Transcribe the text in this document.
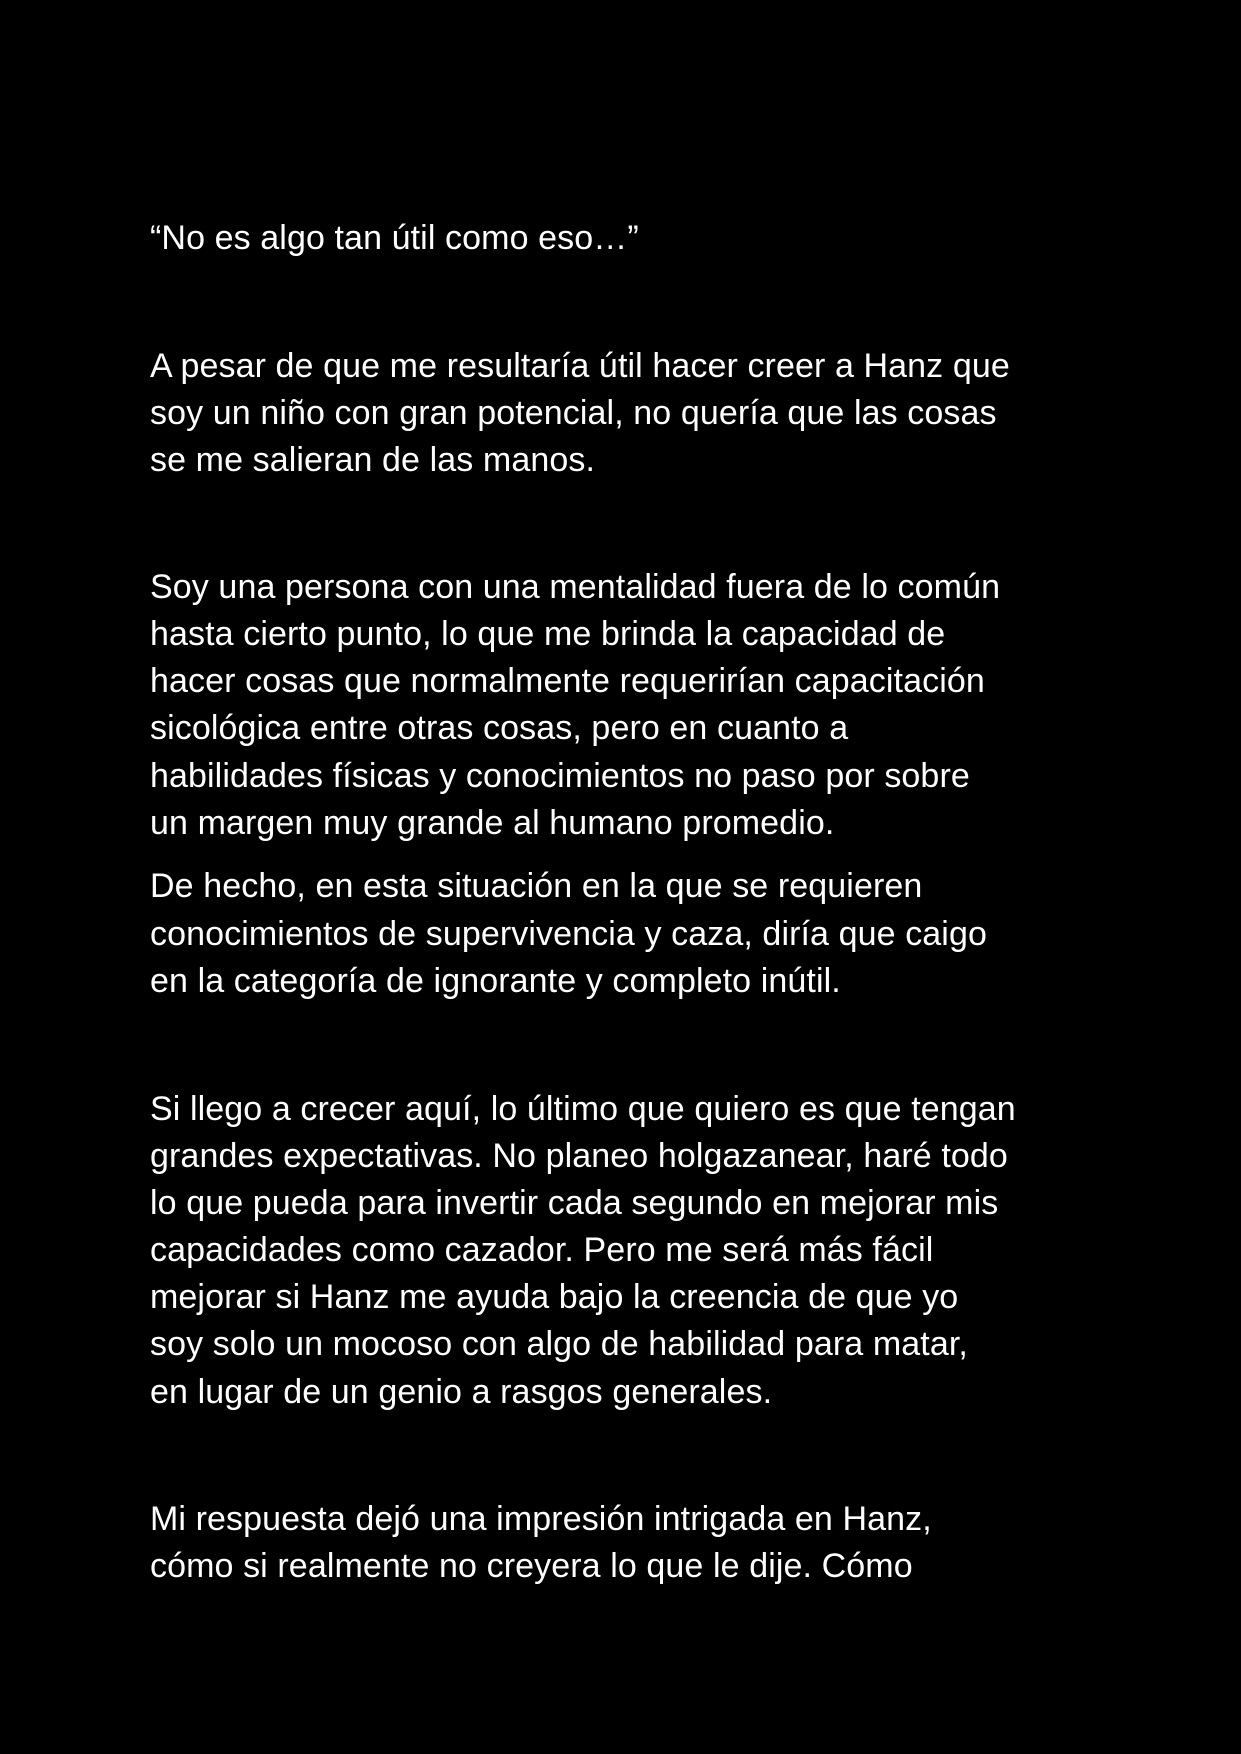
“No es algo tan útil como eso…”

A pesar de que me resultaría útil hacer creer a Hanz que

soy un niño con gran potencial, no quería que las cosas

se me salieran de las manos.

Soy una persona con una mentalidad fuera de lo común

hasta cierto punto, lo que me brinda la capacidad de

hacer cosas que normalmente requerirían capacitación

sicológica entre otras cosas, pero en cuanto a

habilidades físicas y conocimientos no paso por sobre

un margen muy grande al humano promedio.

De hecho, en esta situación en la que se requieren

conocimientos de supervivencia y caza, diría que caigo

en la categoría de ignorante y completo inútil.

Si llego a crecer aquí, lo último que quiero es que tengan

grandes expectativas. No planeo holgazanear, haré todo

lo que pueda para invertir cada segundo en mejorar mis

capacidades como cazador. Pero me será más fácil

mejorar si Hanz me ayuda bajo la creencia de que yo

soy solo un mocoso con algo de habilidad para matar,

en lugar de un genio a rasgos generales.

Mi respuesta dejó una impresión intrigada en Hanz,

cómo si realmente no creyera lo que le dije. Cómo
